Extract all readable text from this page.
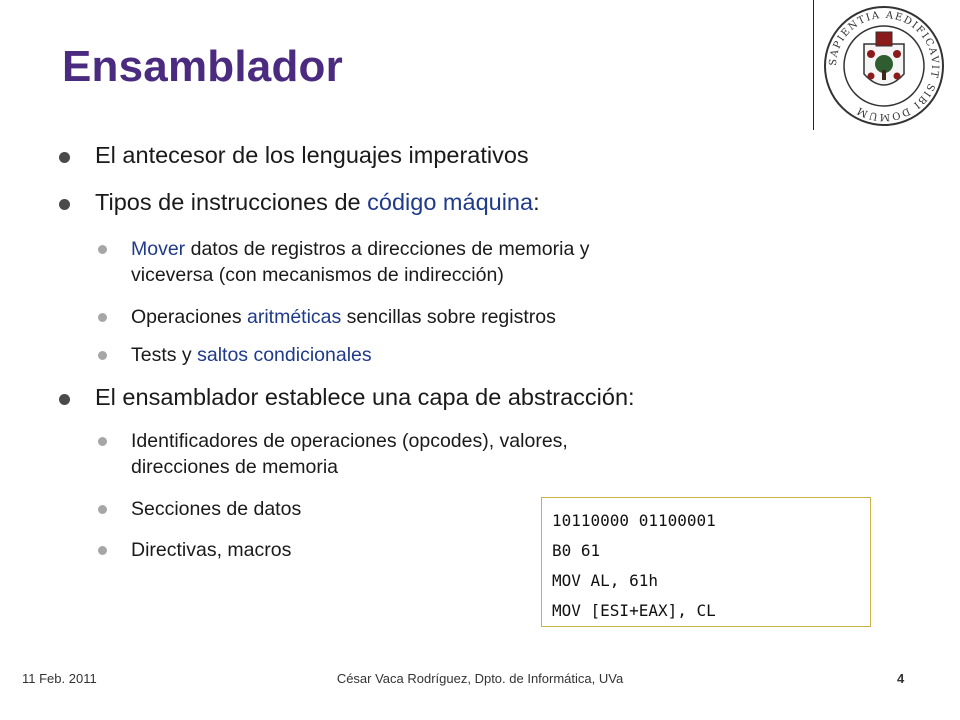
Ensamblador	SAPIENTIA AEDIFICAVIT SIBI DOMUM
El antecesor de los lenguajes imperativos
Tipos de instrucciones de código máquina:
Mover datos de registros a direcciones de memoria y
viceversa (con mecanismos de indirección)
Operaciones aritméticas sencillas sobre registros
Tests y saltos condicionales
El ensamblador establece una capa de abstracción:
Identificadores de operaciones (opcodes), valores,
direcciones de memoria
Secciones de datos
Directivas, macros
10110000 01100001
B0 61
MOV AL, 61h
MOV [ESI+EAX], CL
11 Feb. 2011	César Vaca Rodríguez, Dpto. de Informática, UVa	4
